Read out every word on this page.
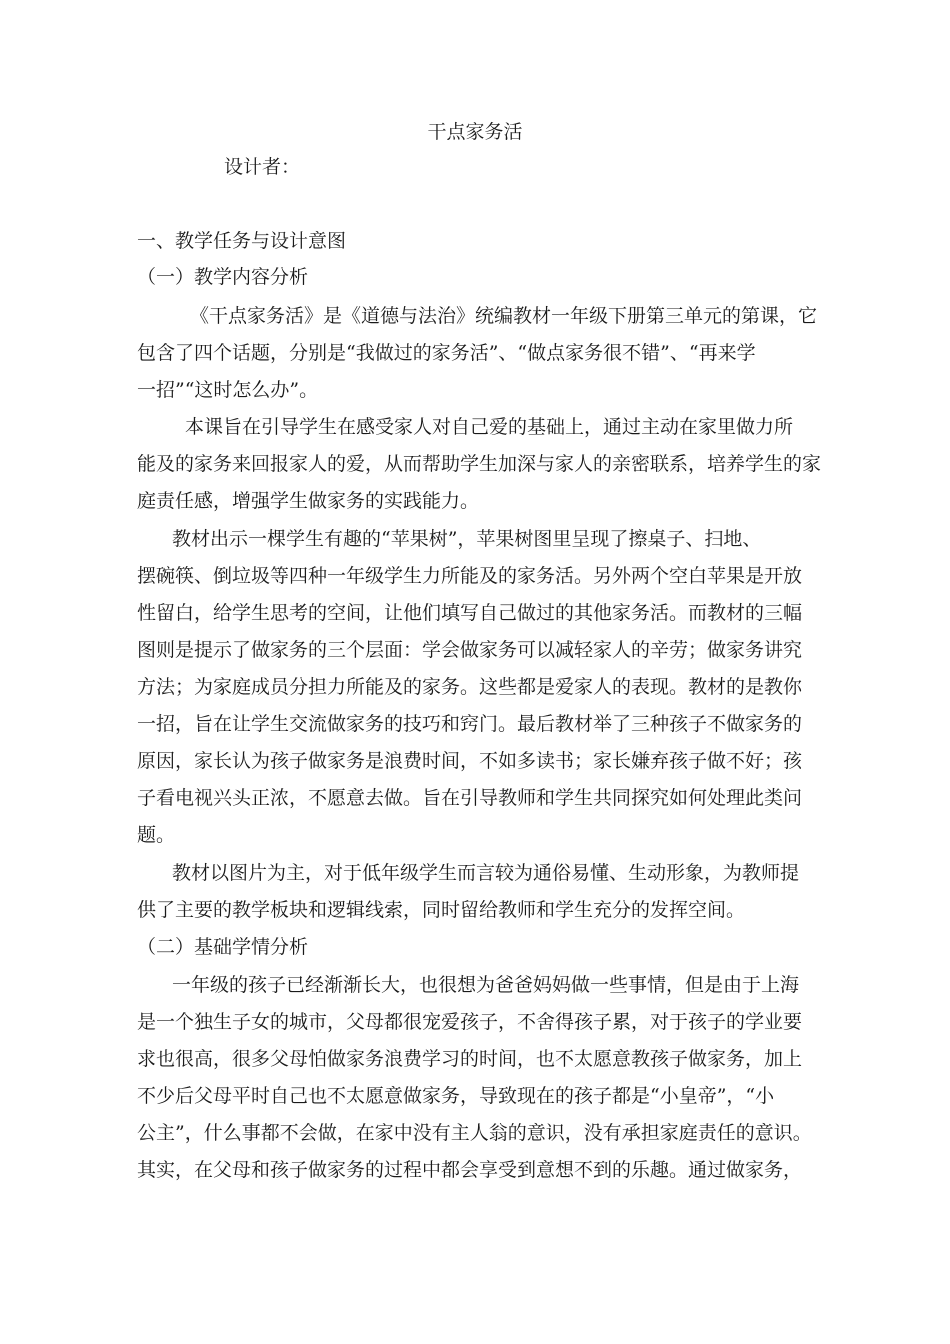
干点家务活
设计者：
一、教学任务与设计意图
（一）教学内容分析
《干点家务活》是《道德与法治》统编教材一年级下册第三单元的第课，它
包含了四个话题，分别是“我做过的家务活”、“做点家务很不错”、“再来学
一招”“这时怎么办”。
本课旨在引导学生在感受家人对自己爱的基础上，通过主动在家里做力所
能及的家务来回报家人的爱，从而帮助学生加深与家人的亲密联系，培养学生的家
庭责任感，增强学生做家务的实践能力。
教材出示一棵学生有趣的“苹果树”，苹果树图里呈现了擦桌子、扫地、
摆碗筷、倒垃圾等四种一年级学生力所能及的家务活。另外两个空白苹果是开放
性留白，给学生思考的空间，让他们填写自己做过的其他家务活。而教材的三幅
图则是提示了做家务的三个层面：学会做家务可以减轻家人的辛劳；做家务讲究
方法；为家庭成员分担力所能及的家务。这些都是爱家人的表现。教材的是教你
一招，旨在让学生交流做家务的技巧和窍门。最后教材举了三种孩子不做家务的
原因，家长认为孩子做家务是浪费时间，不如多读书；家长嫌弃孩子做不好；孩
子看电视兴头正浓，不愿意去做。旨在引导教师和学生共同探究如何处理此类问
题。
教材以图片为主，对于低年级学生而言较为通俗易懂、生动形象，为教师提
供了主要的教学板块和逻辑线索，同时留给教师和学生充分的发挥空间。
（二）基础学情分析
一年级的孩子已经渐渐长大，也很想为爸爸妈妈做一些事情，但是由于上海
是一个独生子女的城市，父母都很宠爱孩子，不舍得孩子累，对于孩子的学业要
求也很高，很多父母怕做家务浪费学习的时间，也不太愿意教孩子做家务，加上
不少后父母平时自己也不太愿意做家务，导致现在的孩子都是“小皇帝”，“小
公主”，什么事都不会做，在家中没有主人翁的意识，没有承担家庭责任的意识。
其实，在父母和孩子做家务的过程中都会享受到意想不到的乐趣。通过做家务，
